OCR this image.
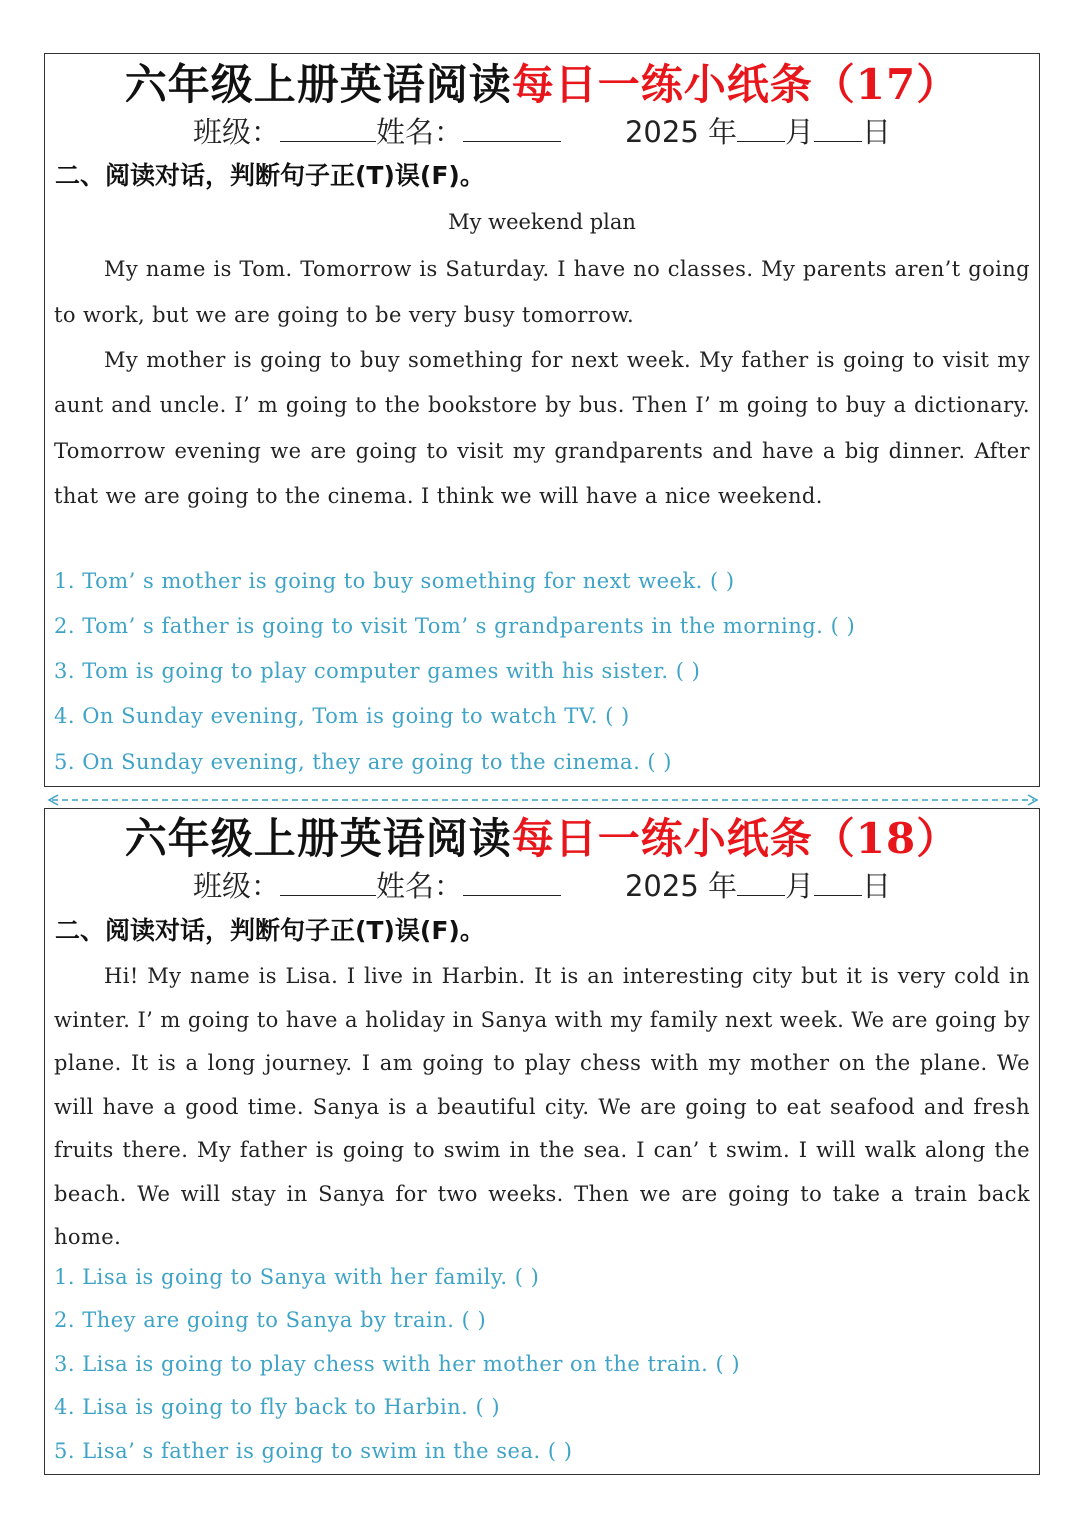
六年级上册英语阅读每日一练小纸条（17）
班级：	姓名：	2025 年 月 日
二、阅读对话，判断句子正(T)误(F)。
My weekend plan

My name is Tom. Tomorrow is Saturday. I have no classes. My parents aren’t going to work, but we are going to be very busy tomorrow.

My mother is going to buy something for next week. My father is going to visit my aunt and uncle. I’ m going to the bookstore by bus. Then I’ m going to buy a dictionary. Tomorrow evening we are going to visit my grandparents and have a big dinner. After that we are going to the cinema. I think we will have a nice weekend.

1. Tom’ s mother is going to buy something for next week. ( )
2. Tom’ s father is going to visit Tom’ s grandparents in the morning. ( )
3. Tom is going to play computer games with his sister. ( )
4. On Sunday evening, Tom is going to watch TV. ( )
5. On Sunday evening, they are going to the cinema. ( )
六年级上册英语阅读每日一练小纸条（18）
班级：	姓名：	2025 年 月 日
二、阅读对话，判断句子正(T)误(F)。

Hi! My name is Lisa. I live in Harbin. It is an interesting city but it is very cold in winter. I’ m going to have a holiday in Sanya with my family next week. We are going by plane. It is a long journey. I am going to play chess with my mother on the plane. We will have a good time. Sanya is a beautiful city. We are going to eat seafood and fresh fruits there. My father is going to swim in the sea. I can’ t swim. I will walk along the beach. We will stay in Sanya for two weeks. Then we are going to take a train back home.

1. Lisa is going to Sanya with her family. ( )
2. They are going to Sanya by train. ( )
3. Lisa is going to play chess with her mother on the train. ( )
4. Lisa is going to fly back to Harbin. ( )
5. Lisa’ s father is going to swim in the sea. ( )
